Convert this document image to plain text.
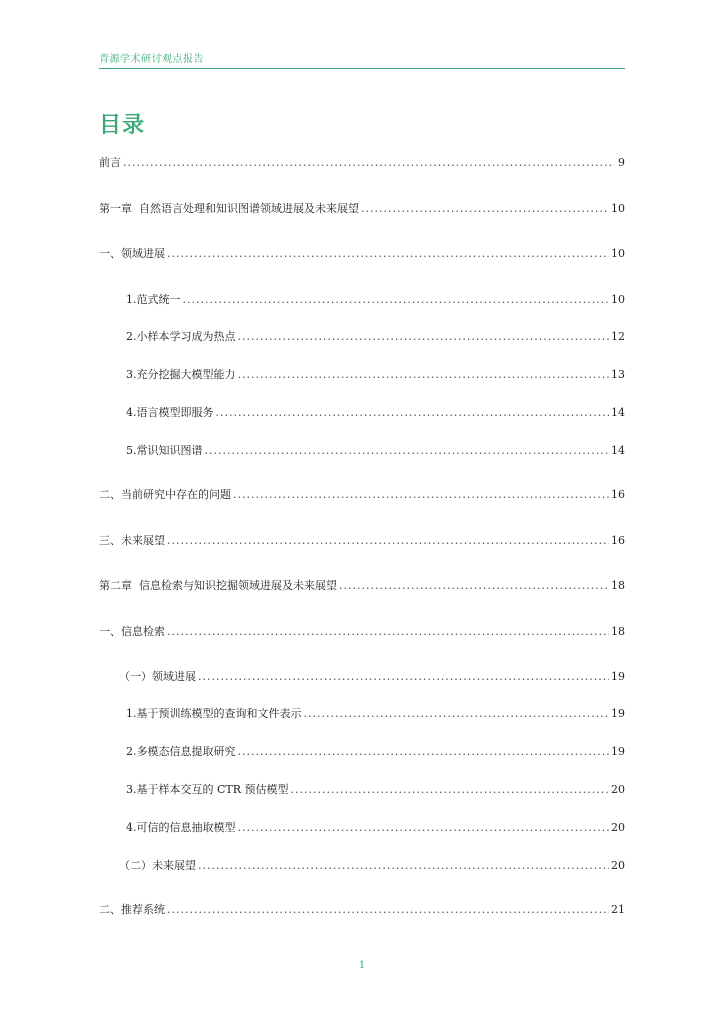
青源学术研讨观点报告
目录
前言 .....	9
第一章  自然语言处理和知识图谱领域进展及未来展望 .....	10
一、领域进展 .....	10
1.范式统一 .....	10
2.小样本学习成为热点 .....	12
3.充分挖掘大模型能力 .....	13
4.语言模型即服务 .....	14
5.常识知识图谱 .....	14
二、当前研究中存在的问题 .....	16
三、未来展望 .....	16
第二章  信息检索与知识挖掘领域进展及未来展望 .....	18
一、信息检索 .....	18
（一）领域进展 .....	19
1.基于预训练模型的查询和文件表示 .....	19
2.多模态信息提取研究 .....	19
3.基于样本交互的 CTR 预估模型 .....	20
4.可信的信息抽取模型 .....	20
（二）未来展望 .....	20
二、推荐系统 .....	21
1
